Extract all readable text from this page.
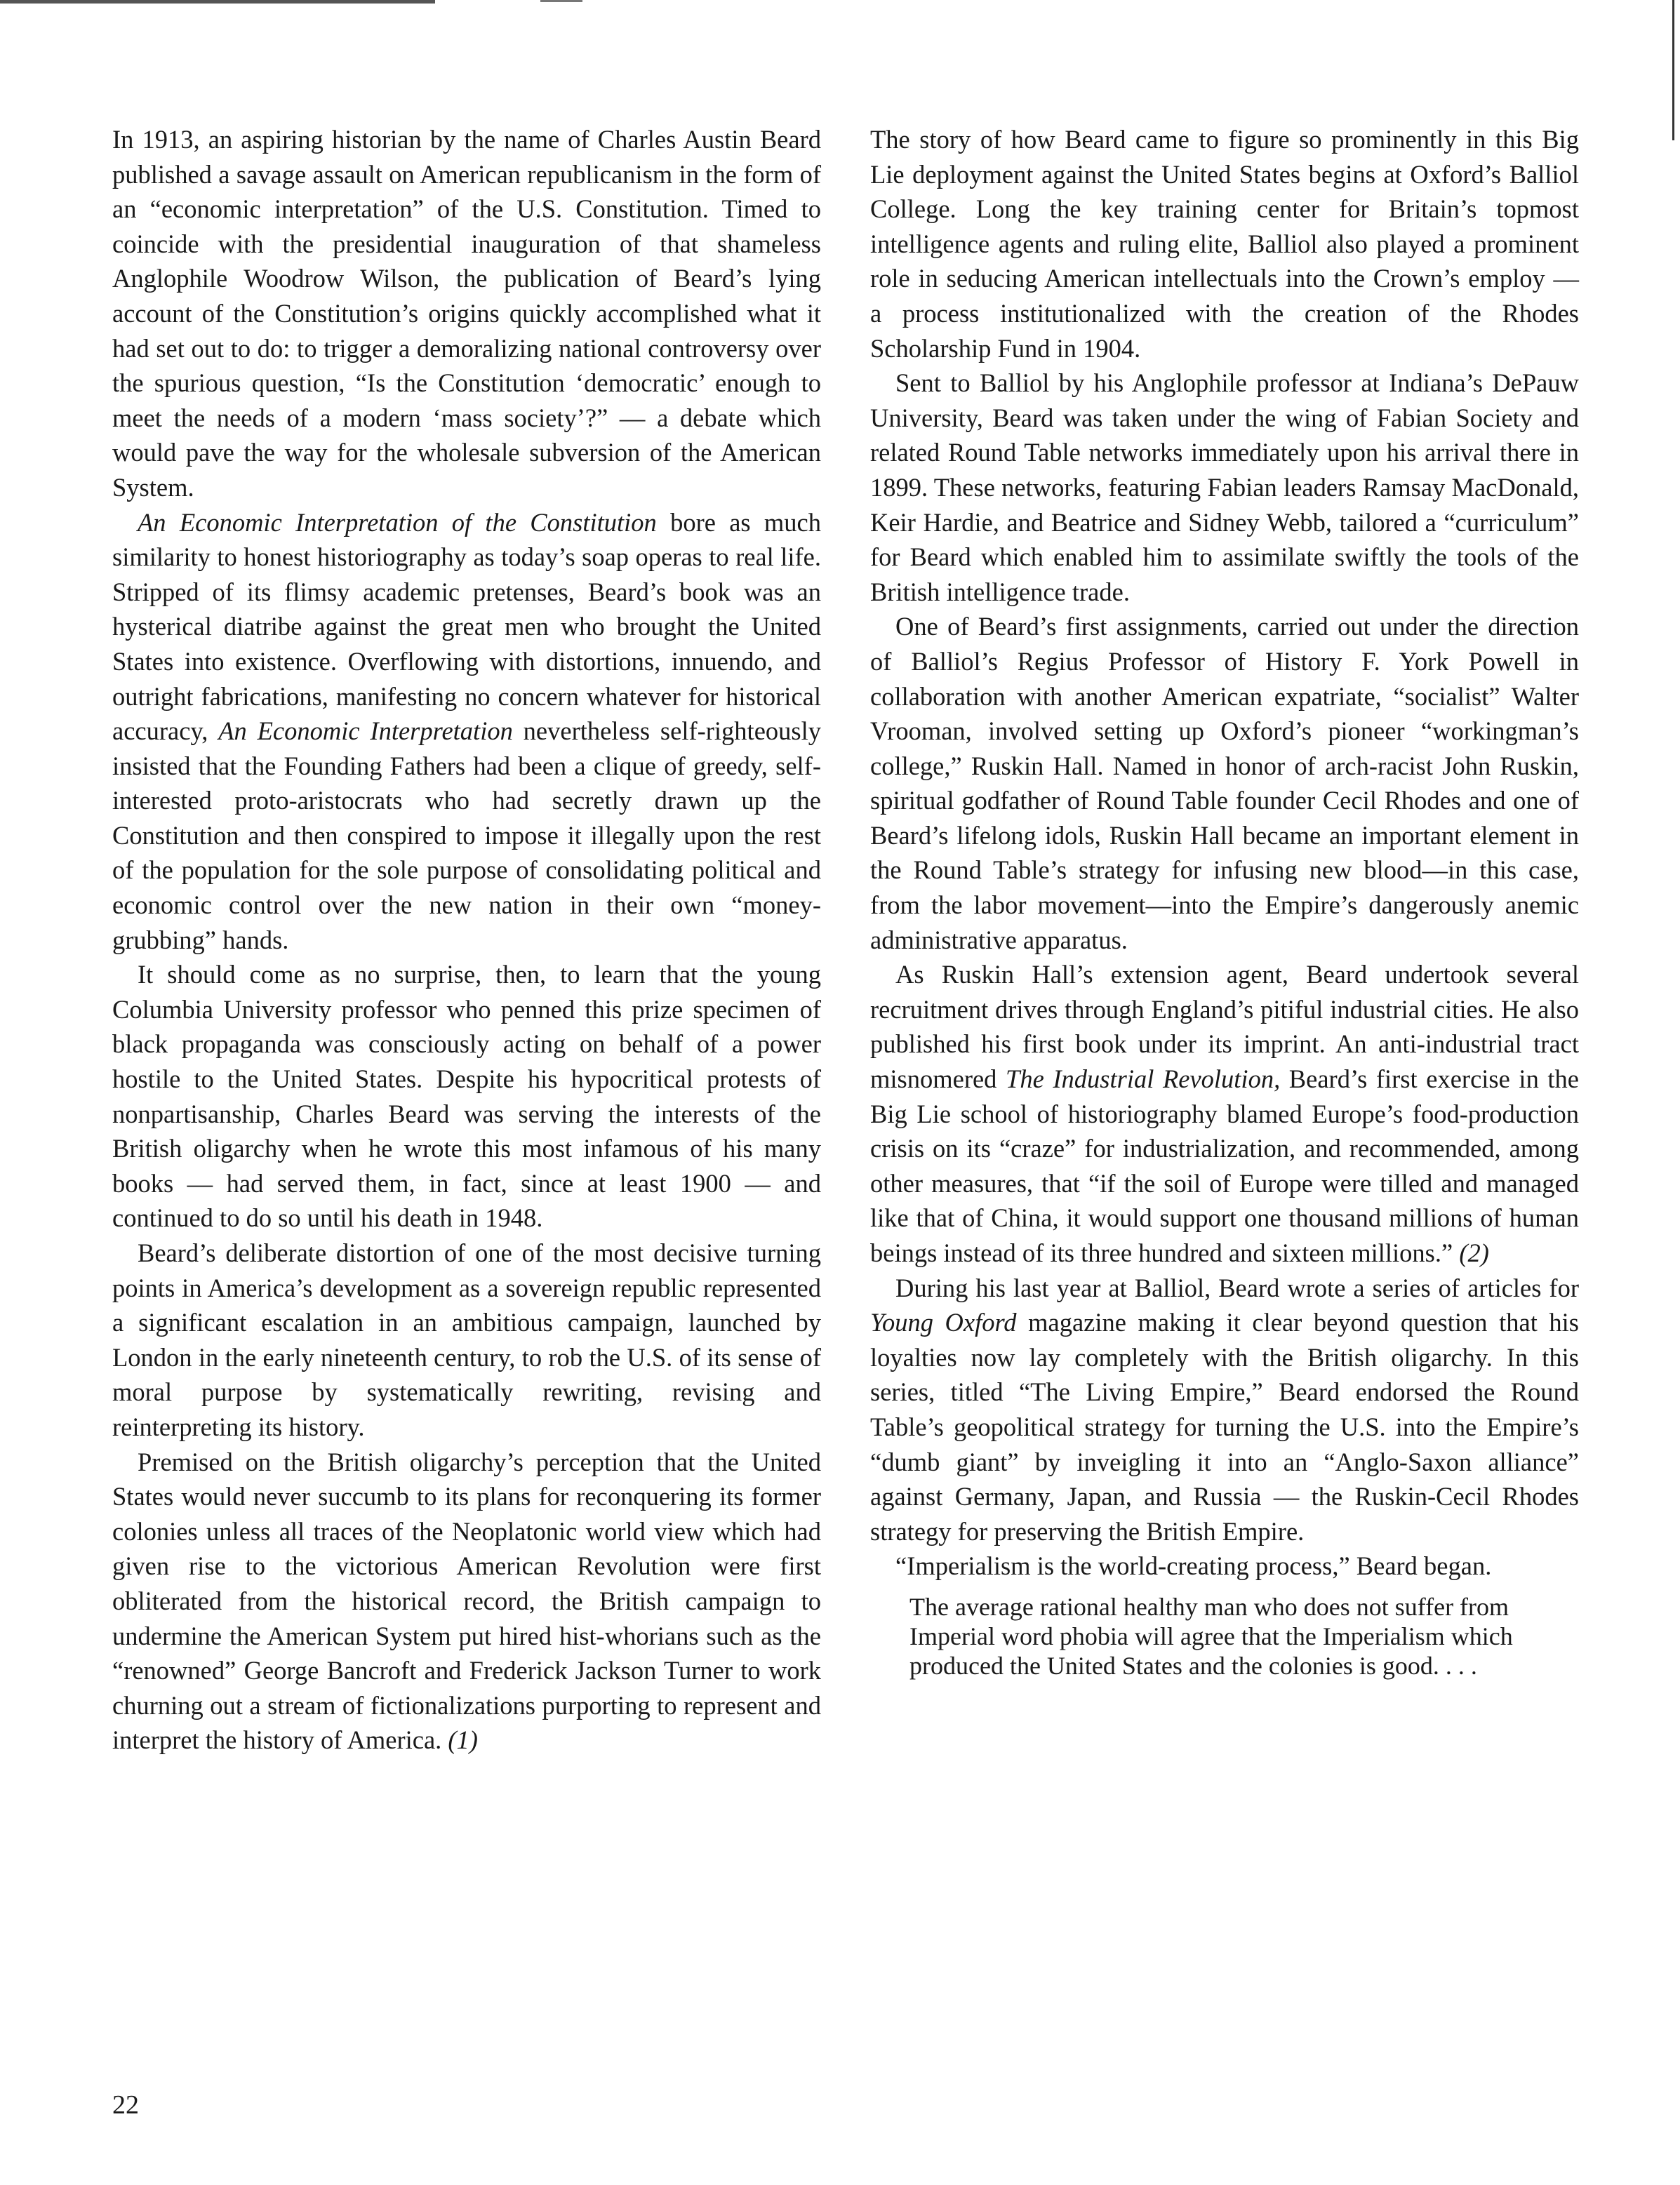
In 1913, an aspiring historian by the name of Charles Austin Beard published a savage assault on American republicanism in the form of an “economic interpretation” of the U.S. Constitution. Timed to coincide with the presidential inauguration of that shameless Anglophile Woodrow Wilson, the publication of Beard’s lying account of the Constitution’s origins quickly accomplished what it had set out to do: to trigger a demoralizing national controversy over the spurious question, “Is the Constitution ‘democratic’ enough to meet the needs of a modern ‘mass society’?” — a debate which would pave the way for the wholesale subversion of the American System.

An Economic Interpretation of the Constitution bore as much similarity to honest historiography as today’s soap operas to real life. Stripped of its flimsy academic pretenses, Beard’s book was an hysterical diatribe against the great men who brought the United States into existence. Overflowing with distortions, innuendo, and outright fabrications, manifesting no concern whatever for historical accuracy, An Economic Interpretation nevertheless self-righteously insisted that the Founding Fathers had been a clique of greedy, self-interested proto-aristocrats who had secretly drawn up the Constitution and then conspired to impose it illegally upon the rest of the population for the sole purpose of consolidating political and economic control over the new nation in their own “money-grubbing” hands.

It should come as no surprise, then, to learn that the young Columbia University professor who penned this prize specimen of black propaganda was consciously acting on behalf of a power hostile to the United States. Despite his hypocritical protests of nonpartisanship, Charles Beard was serving the interests of the British oligarchy when he wrote this most infamous of his many books — had served them, in fact, since at least 1900 — and continued to do so until his death in 1948.

Beard’s deliberate distortion of one of the most decisive turning points in America’s development as a sovereign republic represented a significant escalation in an ambitious campaign, launched by London in the early nineteenth century, to rob the U.S. of its sense of moral purpose by systematically rewriting, revising and reinterpreting its history.

Premised on the British oligarchy’s perception that the United States would never succumb to its plans for reconquering its former colonies unless all traces of the Neoplatonic world view which had given rise to the victorious American Revolution were first obliterated from the historical record, the British campaign to undermine the American System put hired hist-whorians such as the “renowned” George Bancroft and Frederick Jackson Turner to work churning out a stream of fictionalizations purporting to represent and interpret the history of America. (1)

The story of how Beard came to figure so prominently in this Big Lie deployment against the United States begins at Oxford’s Balliol College. Long the key training center for Britain’s topmost intelligence agents and ruling elite, Balliol also played a prominent role in seducing American intellectuals into the Crown’s employ — a process institutionalized with the creation of the Rhodes Scholarship Fund in 1904.

Sent to Balliol by his Anglophile professor at Indiana’s DePauw University, Beard was taken under the wing of Fabian Society and related Round Table networks immediately upon his arrival there in 1899. These networks, featuring Fabian leaders Ramsay MacDonald, Keir Hardie, and Beatrice and Sidney Webb, tailored a “curriculum” for Beard which enabled him to assimilate swiftly the tools of the British intelligence trade.

One of Beard’s first assignments, carried out under the direction of Balliol’s Regius Professor of History F. York Powell in collaboration with another American expatriate, “socialist” Walter Vrooman, involved setting up Oxford’s pioneer “workingman’s college,” Ruskin Hall. Named in honor of arch-racist John Ruskin, spiritual godfather of Round Table founder Cecil Rhodes and one of Beard’s lifelong idols, Ruskin Hall became an important element in the Round Table’s strategy for infusing new blood—in this case, from the labor movement—into the Empire’s dangerously anemic administrative apparatus.

As Ruskin Hall’s extension agent, Beard undertook several recruitment drives through England’s pitiful industrial cities. He also published his first book under its imprint. An anti-industrial tract misnomered The Industrial Revolution, Beard’s first exercise in the Big Lie school of historiography blamed Europe’s food-production crisis on its “craze” for industrialization, and recommended, among other measures, that “if the soil of Europe were tilled and managed like that of China, it would support one thousand millions of human beings instead of its three hundred and sixteen millions.” (2)

During his last year at Balliol, Beard wrote a series of articles for Young Oxford magazine making it clear beyond question that his loyalties now lay completely with the British oligarchy. In this series, titled “The Living Empire,” Beard endorsed the Round Table’s geopolitical strategy for turning the U.S. into the Empire’s “dumb giant” by inveigling it into an “Anglo-Saxon alliance” against Germany, Japan, and Russia — the Ruskin-Cecil Rhodes strategy for preserving the British Empire.

“Imperialism is the world-creating process,” Beard began.

The average rational healthy man who does not suffer from Imperial word phobia will agree that the Imperialism which produced the United States and the colonies is good. . . .

22
